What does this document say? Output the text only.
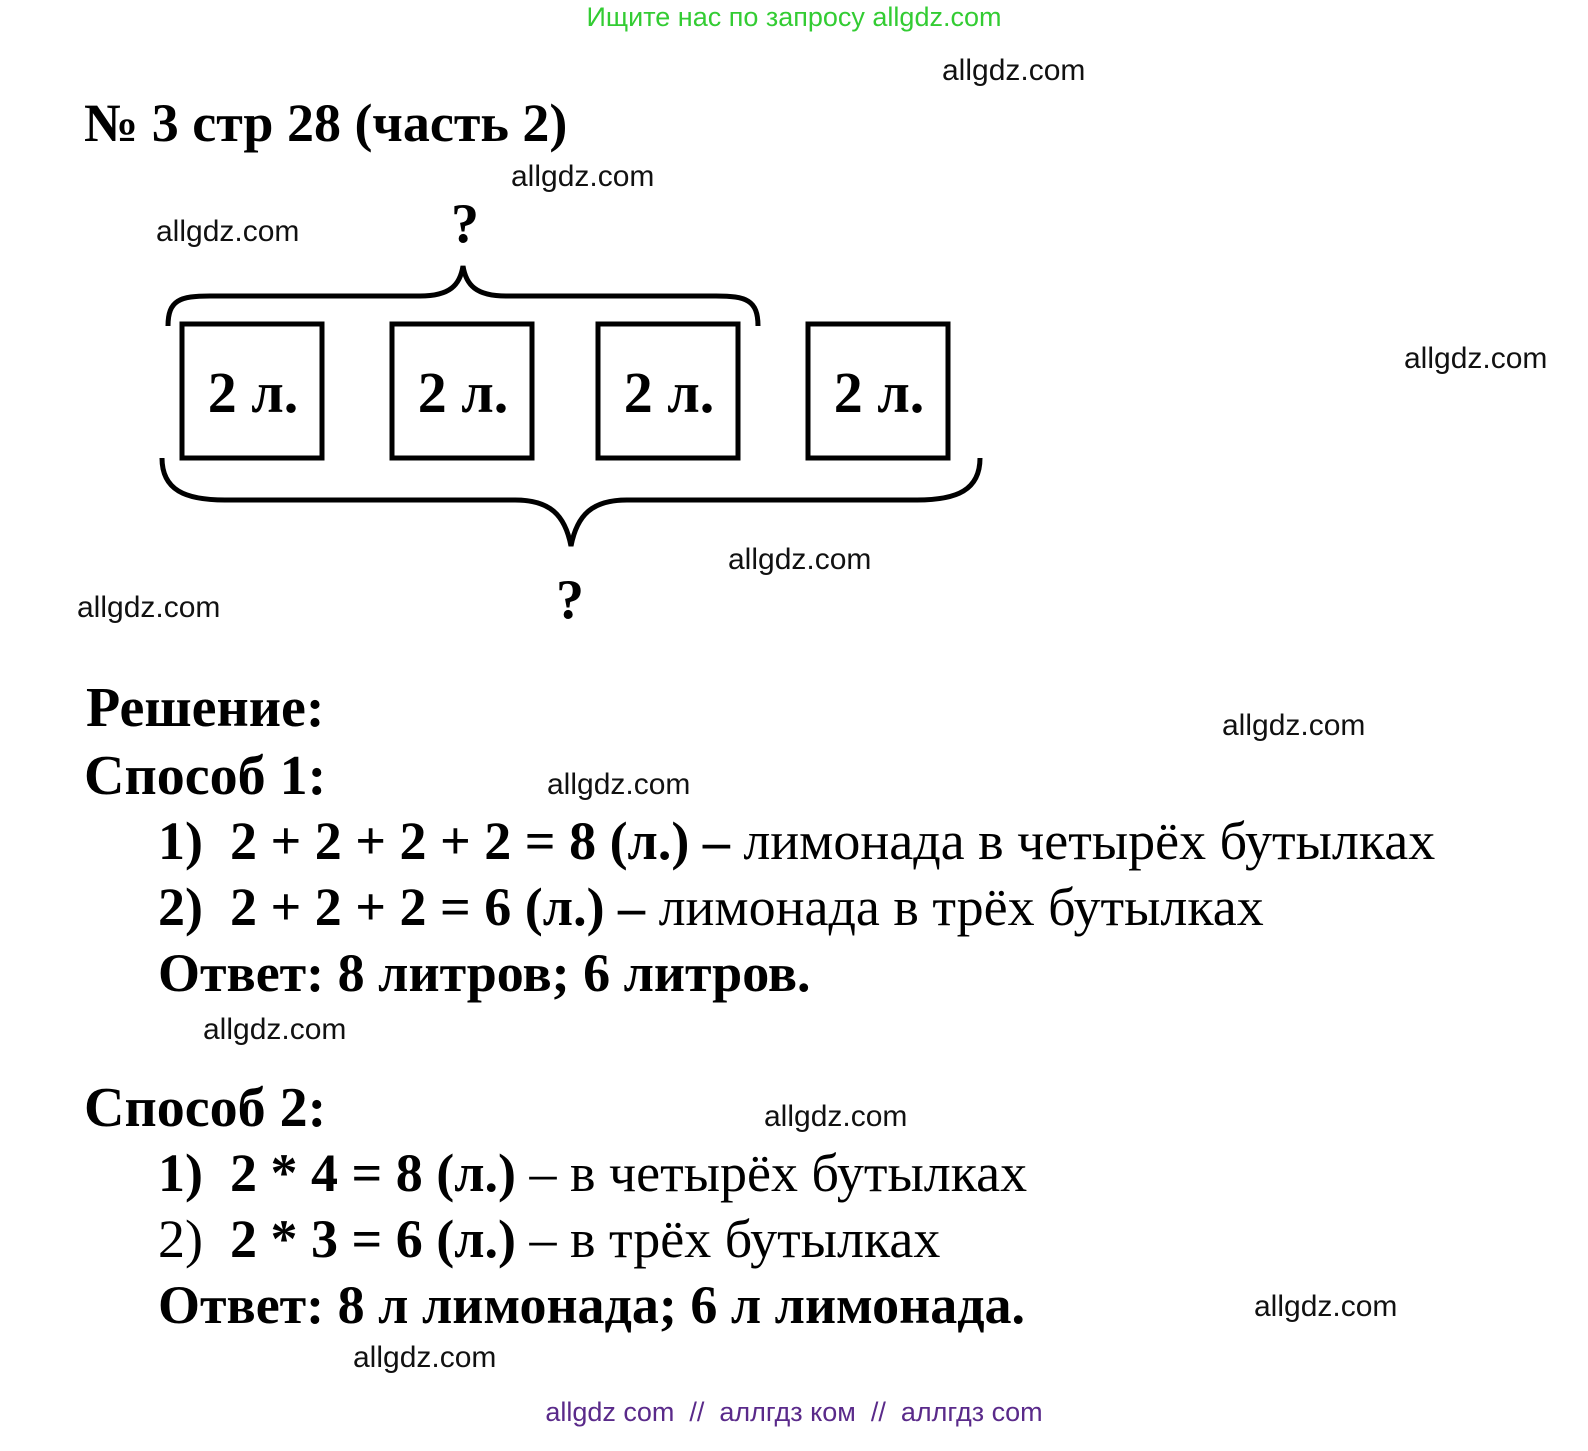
Ищите нас по запросу allgdz.com
allgdz.com
allgdz.com
allgdz.com
allgdz.com
allgdz.com
allgdz.com
allgdz.com
allgdz.com
allgdz.com
allgdz.com
allgdz.com
allgdz.com
№ 3 стр 28 (часть 2)
2 л. 2 л. 2 л. 2 л.
?
?
Решение:
Способ 1:
1) 2 + 2 + 2 + 2 = 8 (л.) – лимонада в четырёх бутылках
2) 2 + 2 + 2 = 6 (л.) – лимонада в трёх бутылках
Ответ: 8 литров; 6 литров.
Способ 2:
1) 2 * 4 = 8 (л.) – в четырёх бутылках
2) 2 * 3 = 6 (л.) – в трёх бутылках
Ответ: 8 л лимонада; 6 л лимонада.
allgdz com  //  аллгдз ком  //  аллгдз com
